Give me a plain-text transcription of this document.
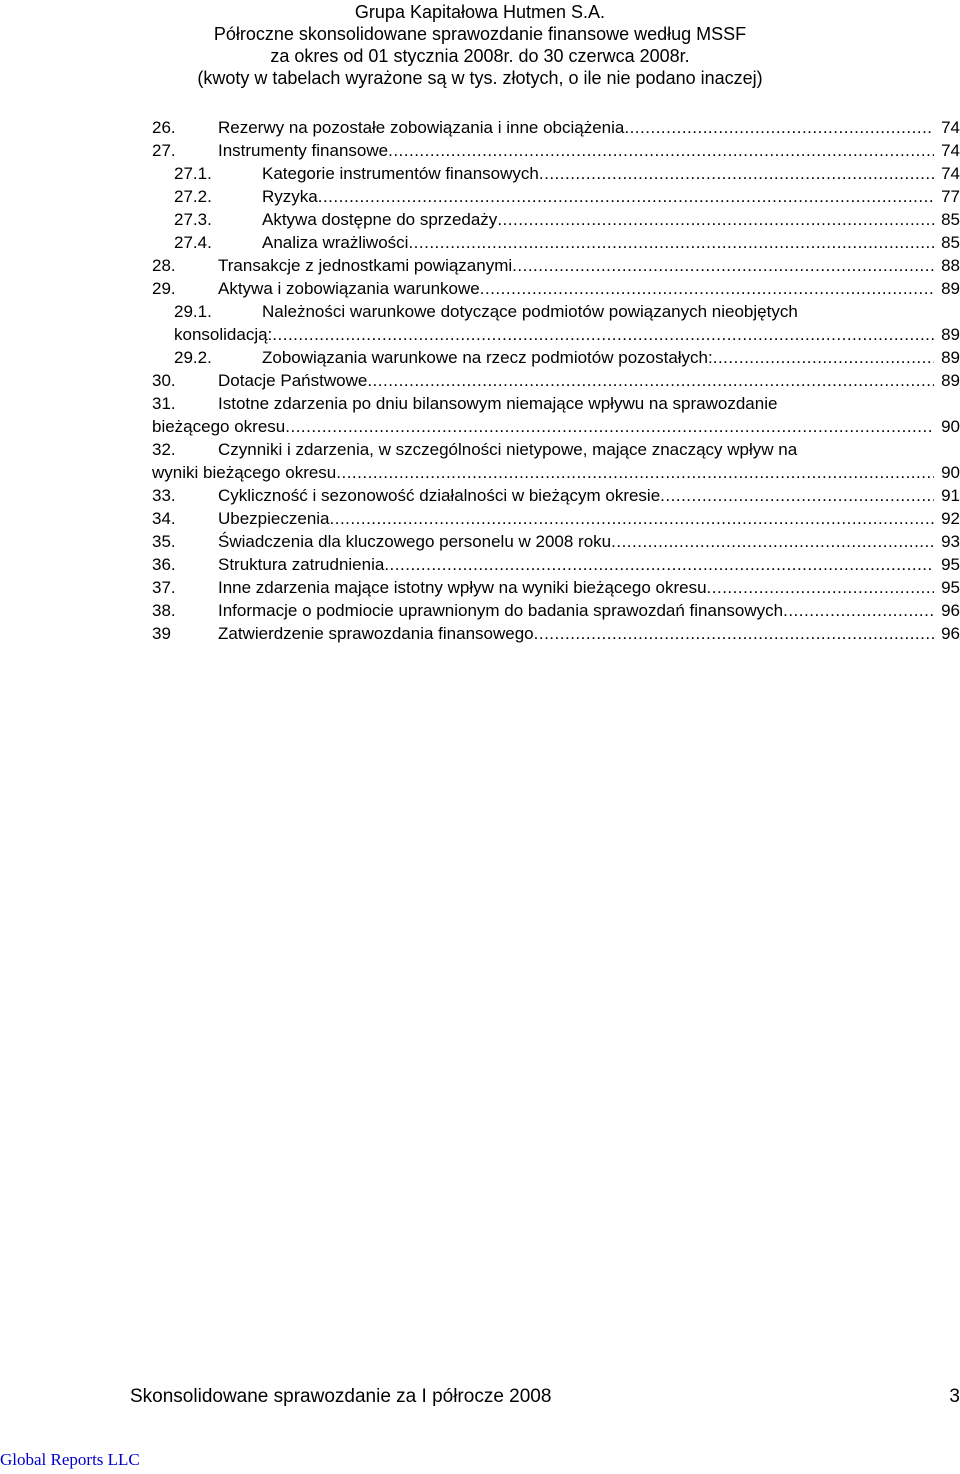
Grupa Kapitałowa Hutmen S.A.
Półroczne skonsolidowane sprawozdanie finansowe według MSSF
za okres od 01 stycznia 2008r. do 30 czerwca 2008r.
(kwoty w tabelach wyrażone są w tys. złotych, o ile nie podano inaczej)
26.	Rezerwy na pozostałe zobowiązania i inne obciążenia .....	74
27.	Instrumenty finansowe .....	74
27.1.	Kategorie instrumentów finansowych .....	74
27.2.	Ryzyka .....	77
27.3.	Aktywa dostępne do sprzedaży .....	85
27.4.	Analiza wrażliwości .....	85
28.	Transakcje z jednostkami powiązanymi .....	88
29.	Aktywa i zobowiązania warunkowe .....	89
29.1.	Należności warunkowe dotyczące podmiotów powiązanych nieobjętych
konsolidacją: .....	89
29.2.	Zobowiązania warunkowe na rzecz podmiotów pozostałych: .....	89
30.	Dotacje Państwowe .....	89
31.	Istotne zdarzenia po dniu bilansowym niemające wpływu na sprawozdanie
bieżącego okresu .....	90
32.	Czynniki i zdarzenia, w szczególności nietypowe, mające znaczący wpływ na
wyniki bieżącego okresu .....	90
33.	Cykliczność i sezonowość działalności w bieżącym okresie .....	91
34.	Ubezpieczenia .....	92
35.	Świadczenia dla kluczowego personelu w 2008 roku .....	93
36.	Struktura zatrudnienia .....	95
37.	Inne zdarzenia mające istotny wpływ na wyniki bieżącego okresu .....	95
38.	Informacje o podmiocie uprawnionym do badania sprawozdań finansowych .....	96
39	Zatwierdzenie sprawozdania finansowego .....	96
Skonsolidowane sprawozdanie za I półrocze 2008	3
Global Reports LLC
